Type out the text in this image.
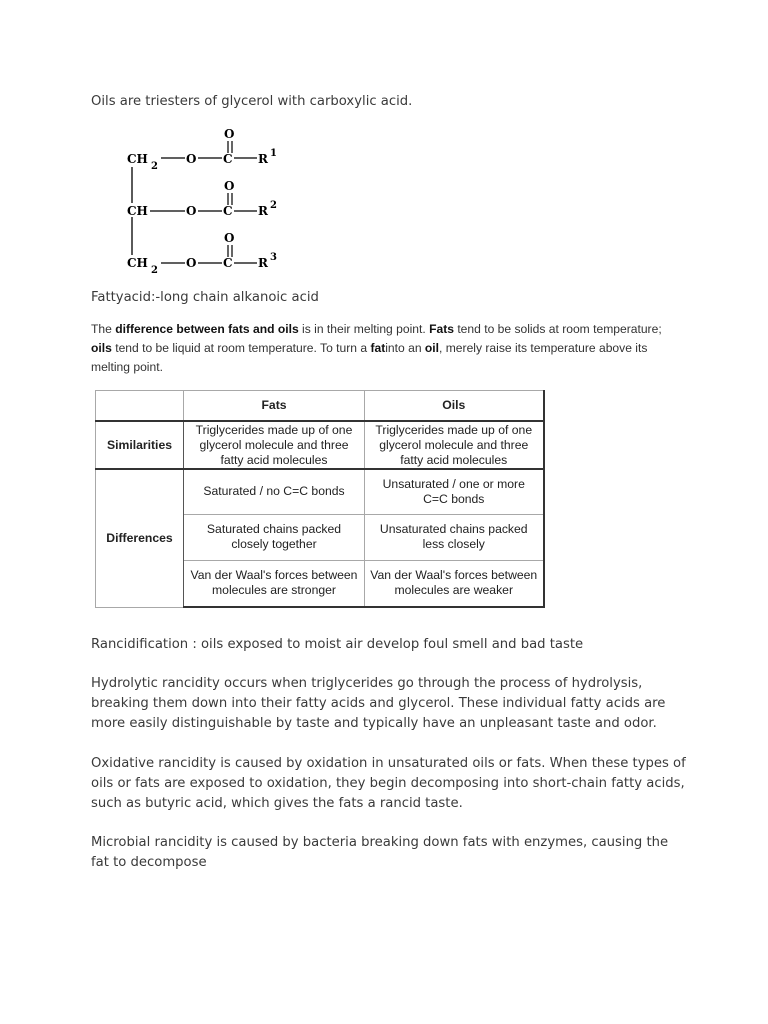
Oils are triesters of glycerol with carboxylic acid.

CH
2
O C
O
R 1
CH	O C
O
R 2
CH
2
O C
O
R 3

Fattyacid:-long chain alkanoic acid

The difference between fats and oils is in their melting point. Fats tend to be solids at room temperature; oils tend to be liquid at room temperature. To turn a fatinto an oil, merely raise its temperature above its melting point.

	Fats	Oils
Similarities	Triglycerides made up of one glycerol molecule and three fatty acid molecules	Triglycerides made up of one glycerol molecule and three fatty acid molecules
Differences	Saturated / no C=C bonds	Unsaturated / one or more C=C bonds
	Saturated chains packed closely together	Unsaturated chains packed less closely
	Van der Waal's forces between molecules are stronger	Van der Waal's forces between molecules are weaker

Rancidification : oils exposed to moist air develop foul smell and bad taste

Hydrolytic rancidity occurs when triglycerides go through the process of hydrolysis, breaking them down into their fatty acids and glycerol. These individual fatty acids are more easily distinguishable by taste and typically have an unpleasant taste and odor.

Oxidative rancidity is caused by oxidation in unsaturated oils or fats. When these types of oils or fats are exposed to oxidation, they begin decomposing into short-chain fatty acids, such as butyric acid, which gives the fats a rancid taste.

Microbial rancidity is caused by bacteria breaking down fats with enzymes, causing the fat to decompose
